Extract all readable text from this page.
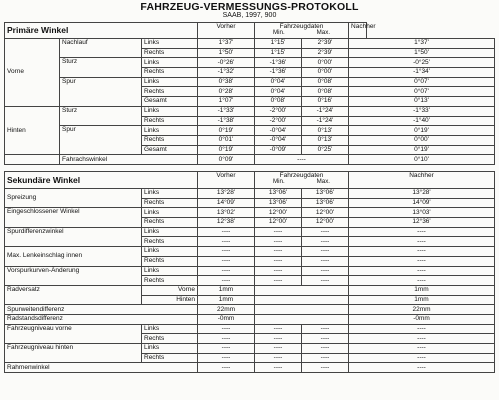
FAHRZEUG-VERMESSUNGS-PROTOKOLL
SAAB, 1997, 900
Primäre Winkel	Vorher	Fahrzeugdaten
Min.	Max.
	Nachher
Vorne	Nachlauf	Links	1°37'	1°15'	2°39'	1°37'
		Rechts	1°50'	1°15'	2°39'	1°50'
	Sturz	Links	-0°26'	-1°36'	0°00'	-0°25'
		Rechts	-1°32'	-1°36'	0°00'	-1°34'
	Spur	Links	0°38'	0°04'	0°08'	0°07'
		Rechts	0°28'	0°04'	0°08'	0°07'
		Gesamt	1°07'	0°08'	0°16'	0°13'
Hinten	Sturz	Links	-1°33'	-2°00'	-1°24'	-1°33'
		Rechts	-1°38'	-2°00'	-1°24'	-1°40'
	Spur	Links	0°19'	-0°04'	0°13'	0°19'
		Rechts	0°01'	-0°04'	0°13'	0°00'
		Gesamt	0°19'	-0°09'	0°25'	0°19'
	Fahrachswinkel		0°09'	----		0°10'
Sekundäre Winkel		Vorher	Fahrzeugdaten
Min. Max.		Nachher
Spreizung	Links	13°28'	13°06'	13°06'	13°28'
	Rechts	14°09'	13°06'	13°06'	14°09'
Eingeschlossener Winkel	Links	13°02'	12°00'	12°00'	13°03'
	Rechts	12°38'	12°00'	12°00'	12°36'
Spurdifferenzwinkel	Links	----	----	----	----
	Rechts	----	----	----	----
Max. Lenkeinschlag innen	Links	----	----	----	----
	Rechts	----	----	----	----
Vorspurkurven-Änderung	Links	----	----	----	----
	Rechts	----	----	----	----
Radversatz	Vorne	1mm			1mm
	Hinten	1mm			1mm
Spurweitendifferenz		22mm			22mm
Radstandsdifferenz		-0mm			-0mm
Fahrzeugniveau vorne	Links	----	----	----	----
	Rechts	----	----	----	----
Fahrzeugniveau hinten	Links	----	----	----	----
	Rechts	----	----	----	----
Rahmenwinkel		----	----	----	----
